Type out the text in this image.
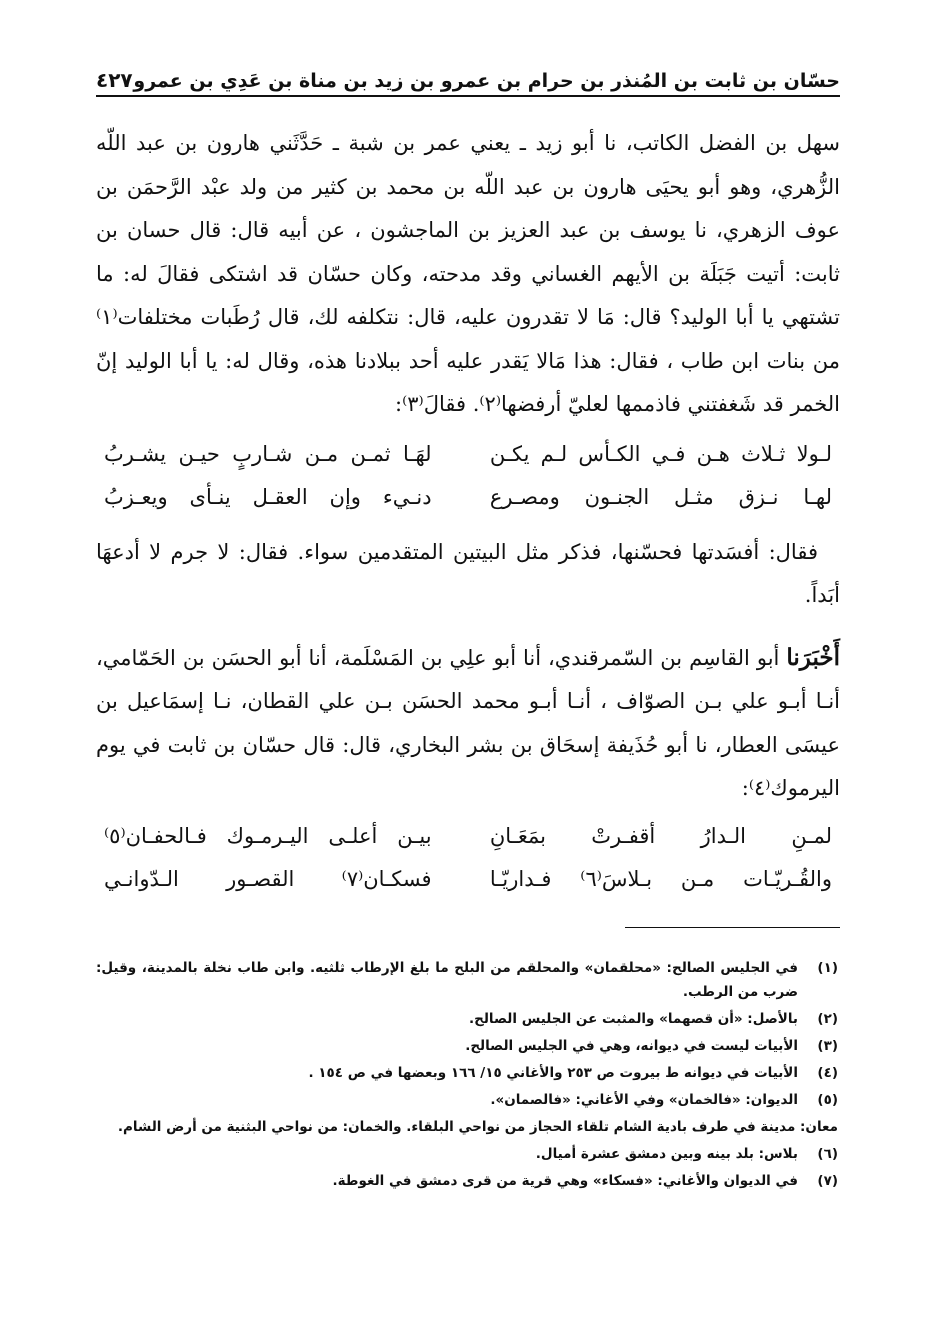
حسّان بن ثابت بن المُنذر بن حرام بن عمرو بن زيد بن مناة بن عَدِي بن عمرو
٤٢٧

سهل بن الفضل الكاتب، نا أبو زيد ـ يعني عمر بن شبة ـ حَدَّثَني هارون بن عبد اللّه الزُّهري، وهو أبو يحيَى هارون بن عبد اللّه بن محمد بن كثير من ولد عبْد الرَّحمَن بن عوف الزهري، نا يوسف بن عبد العزيز بن الماجشون ، عن أبيه قال: قال حسان بن ثابت: أتيت جَبَلَة بن الأيهم الغساني وقد مدحته، وكان حسّان قد اشتكى فقالَ له: ما تشتهي يا أبا الوليد؟ قال: مَا لا تقدرون عليه، قال: نتكلفه لك، قال رُطَبات مختلفات⁽١⁾ من بنات ابن طاب ، فقال: هذا مَالا يَقدر عليه أحد ببلادنا هذه، وقال له: يا أبا الوليد إنّ الخمر قد شَغفتني فاذممها لعليّ أرفضها⁽٢⁾. فقالَ⁽٣⁾:

لـولا ثـلاث هـن فـي الكـأس لـم يكـن
لهَـا ثمـن مـن شـاربٍ حيـن يشـربُ
لهـا نـزق مثـل الجنـون ومصـرع
دنـيء وإن العقـل ينـأى ويعـزبُ

فقال: أفسَدتها فحسّنها، فذكر مثل البيتين المتقدمين سواء. فقال: لا جرم لا أدعهَا أبَداً.

أَخْبَرَنا أبو القاسِم بن السّمرقندي، أنا أبو علِي بن المَسْلَمة، أنا أبو الحسَن بن الحَمّامي، أنـا أبـو علي بـن الصوّاف ، أنـا أبـو محمد الحسَن بـن علي القطان، نـا إسمَاعيل بن عيسَى العطار، نا أبو حُذَيفة إسحَاق بن بشر البخاري، قال: قال حسّان بن ثابت في يوم اليرموك⁽٤⁾:

لمـنِ الـدارُ أقفـرتْ بمَعَـانِ
بيـن أعلـى اليـرمـوك فـالحفـان⁽٥⁾
والقُـريّـات مـن بـلاسَ⁽٦⁾ فـداريّـا
فسكـان⁽٧⁾ القصـور الـدّوانـي
(١)
في الجليس الصالح: «محلقمان» والمحلقم من البلح ما بلغ الإرطاب ثلثيه. وابن طاب نخلة بالمدينة، وقيل: ضرب من الرطب.
(٢)
بالأصل: «أن قصهما» والمثبت عن الجليس الصالح.
(٣)
الأبيات ليست في ديوانه، وهي في الجليس الصالح.
(٤)
الأبيات في ديوانه ط بيروت ص ٢٥٣ والأغاني ١٥/ ١٦٦ وبعضها في ص ١٥٤ .
(٥)
الديوان: «فالخمان» وفي الأغاني: «فالصمان».
معان: مدينة في طرف بادية الشام تلقاء الحجاز من نواحي البلقاء. والخمان: من نواحي البثنية من أرض الشام.
(٦)
بلاس: بلد بينه وبين دمشق عشرة أميال.
(٧)
في الديوان والأغاني: «فسكاء» وهي قرية من قرى دمشق في الغوطة.
